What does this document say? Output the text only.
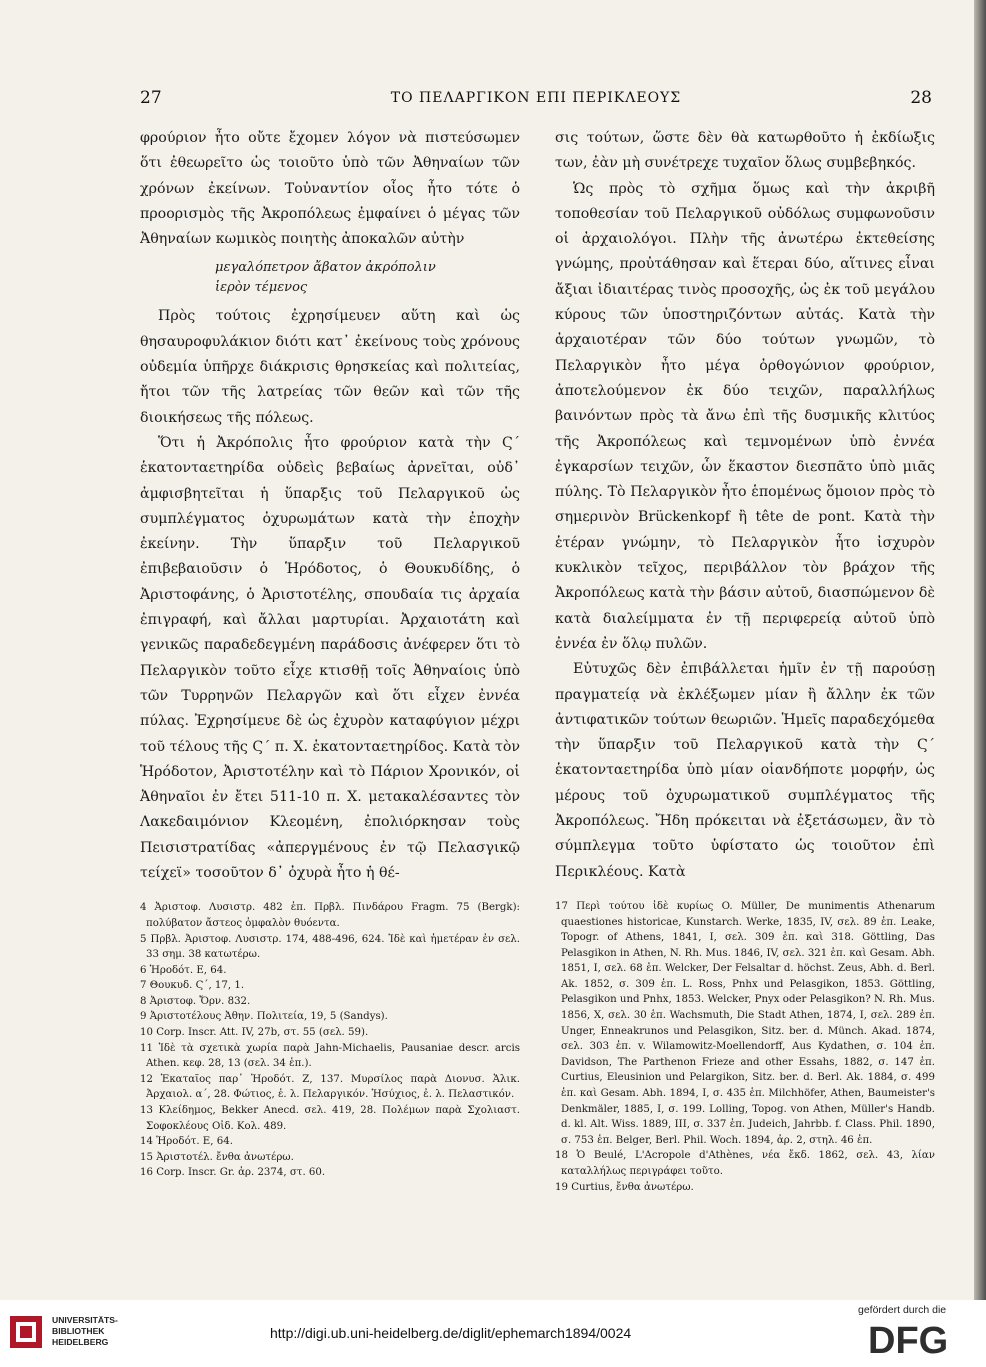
27	ΤΟ ΠΕΛΑΡΓΙΚΟΝ ΕΠΙ ΠΕΡΙΚΛΕΟΥΣ	28

φρούριον ἦτο οὔτε ἔχομεν λόγον νὰ πιστεύσωμεν ὅτι ἐθεωρεῖτο ὡς τοιοῦτο ὑπὸ τῶν Ἀθηναίων τῶν χρόνων ἐκείνων. Τοὐναντίον οἷος ἦτο τότε ὁ προορισμὸς τῆς Ἀκροπόλεως ἐμφαίνει ὁ μέγας τῶν Ἀθηναίων κωμικὸς ποιητὴς ἀποκαλῶν αὐτὴν

μεγαλόπετρον ἄβατον ἀκρόπολιν
ἱερὸν τέμενος

Πρὸς τούτοις ἐχρησίμευεν αὕτη καὶ ὡς θησαυροφυλάκιον διότι κατ᾽ ἐκείνους τοὺς χρόνους οὐδεμία ὑπῆρχε διάκρισις θρησκείας καὶ πολιτείας, ἤτοι τῶν τῆς λατρείας τῶν θεῶν καὶ τῶν τῆς διοικήσεως τῆς πόλεως.

Ὅτι ἡ Ἀκρόπολις ἦτο φρούριον κατὰ τὴν Ϛ´ ἑκατονταετηρίδα οὐδεὶς βεβαίως ἀρνεῖται, οὐδ᾽ ἀμφισβητεῖται ἡ ὕπαρξις τοῦ Πελαργικοῦ ὡς συμπλέγματος ὀχυρωμάτων κατὰ τὴν ἐποχὴν ἐκείνην. Τὴν ὕπαρξιν τοῦ Πελαργικοῦ ἐπιβεβαιοῦσιν ὁ Ἡρόδοτος, ὁ Θουκυδίδης, ὁ Ἀριστοφάνης, ὁ Ἀριστοτέλης, σπουδαία τις ἀρχαία ἐπιγραφή, καὶ ἄλλαι μαρτυρίαι. Ἀρχαιοτάτη καὶ γενικῶς παραδεδεγμένη παράδοσις ἀνέφερεν ὅτι τὸ Πελαργικὸν τοῦτο εἶχε κτισθῇ τοῖς Ἀθηναίοις ὑπὸ τῶν Τυρρηνῶν Πελαργῶν καὶ ὅτι εἶχεν ἐννέα πύλας. Ἐχρησίμευε δὲ ὡς ἐχυρὸν καταφύγιον μέχρι τοῦ τέλους τῆς Ϛ´ π. Χ. ἑκατονταετηρίδος. Κατὰ τὸν Ἡρόδοτον, Ἀριστοτέλην καὶ τὸ Πάριον Χρονικόν, οἱ Ἀθηναῖοι ἐν ἔτει 511-10 π. Χ. μετακαλέσαντες τὸν Λακεδαιμόνιον Κλεομένη, ἐπολιόρκησαν τοὺς Πεισιστρατίδας «ἀπεργμένους ἐν τῷ Πελασγικῷ τείχεϊ» τοσοῦτον δ᾽ ὀχυρὰ ἦτο ἡ θέ-

4 Ἀριστοφ. Λυσιστρ. 482 ἑπ. Πρβλ. Πινδάρου Fragm. 75 (Bergk): πολύβατον ἄστεος ὀμφαλὸν θυόεντα.
5 Πρβλ. Ἀριστοφ. Λυσιστρ. 174, 488-496, 624. Ἰδὲ καὶ ἡμετέραν ἐν σελ. 33 σημ. 38 κατωτέρω.
6 Ἡροδότ. Ε, 64.
7 Θουκυδ. Ϛ´, 17, 1.
8 Ἀριστοφ. Ὄρν. 832.
9 Ἀριστοτέλους Ἀθην. Πολιτεία, 19, 5 (Sandys).
10 Corp. Inscr. Att. IV, 27b, στ. 55 (σελ. 59).
11 Ἰδὲ τὰ σχετικὰ χωρία παρὰ Jahn-Michaelis, Pausaniae descr. arcis Athen. κεφ. 28, 13 (σελ. 34 ἑπ.).
12 Ἑκαταῖος παρ᾽ Ἡροδότ. Ζ, 137. Μυρσίλος παρὰ Διονυσ. Ἁλικ. Ἀρχαιολ. α´, 28. Φώτιος, ἐ. λ. Πελαργικόν. Ἡσύχιος, ἐ. λ. Πελαστικόν.
13 Κλείδημος, Bekker Anecd. σελ. 419, 28. Πολέμων παρὰ Σχολιαστ. Σοφοκλέους Οἰδ. Κολ. 489.
14 Ἡροδότ. Ε, 64.
15 Ἀριστοτέλ. ἔνθα ἀνωτέρω.
16 Corp. Inscr. Gr. ἀρ. 2374, στ. 60.

σις τούτων, ὥστε δὲν θὰ κατωρθοῦτο ἡ ἐκδίωξις των, ἐὰν μὴ συνέτρεχε τυχαῖον ὅλως συμβεβηκός.

Ὡς πρὸς τὸ σχῆμα ὅμως καὶ τὴν ἀκριβῆ τοποθεσίαν τοῦ Πελαργικοῦ οὐδόλως συμφωνοῦσιν οἱ ἀρχαιολόγοι. Πλὴν τῆς ἀνωτέρω ἐκτεθείσης γνώμης, προὐτάθησαν καὶ ἕτεραι δύο, αἵτινες εἶναι ἄξιαι ἰδιαιτέρας τινὸς προσοχῆς, ὡς ἐκ τοῦ μεγάλου κύρους τῶν ὑποστηριζόντων αὐτάς. Κατὰ τὴν ἀρχαιοτέραν τῶν δύο τούτων γνωμῶν, τὸ Πελαργικὸν ἦτο μέγα ὀρθογώνιον φρούριον, ἀποτελούμενον ἐκ δύο τειχῶν, παραλλήλως βαινόντων πρὸς τὰ ἄνω ἐπὶ τῆς δυσμικῆς κλιτύος τῆς Ἀκροπόλεως καὶ τεμνομένων ὑπὸ ἐννέα ἐγκαρσίων τειχῶν, ὧν ἕκαστον διεσπᾶτο ὑπὸ μιᾶς πύλης. Τὸ Πελαργικὸν ἦτο ἑπομένως ὅμοιον πρὸς τὸ σημερινὸν Brückenkopf ἢ tête de pont. Κατὰ τὴν ἑτέραν γνώμην, τὸ Πελαργικὸν ἦτο ἰσχυρὸν κυκλικὸν τεῖχος, περιβάλλον τὸν βράχον τῆς Ἀκροπόλεως κατὰ τὴν βάσιν αὐτοῦ, διασπώμενον δὲ κατὰ διαλείμματα ἐν τῇ περιφερείᾳ αὐτοῦ ὑπὸ ἐννέα ἐν ὅλῳ πυλῶν.

Εὐτυχῶς δὲν ἐπιβάλλεται ἡμῖν ἐν τῇ παρούσῃ πραγματείᾳ νὰ ἐκλέξωμεν μίαν ἢ ἄλλην ἐκ τῶν ἀντιφατικῶν τούτων θεωριῶν. Ἡμεῖς παραδεχόμεθα τὴν ὕπαρξιν τοῦ Πελαργικοῦ κατὰ τὴν Ϛ´ ἑκατονταετηρίδα ὑπὸ μίαν οἱανδήποτε μορφήν, ὡς μέρους τοῦ ὀχυρωματικοῦ συμπλέγματος τῆς Ἀκροπόλεως. Ἤδη πρόκειται νὰ ἐξετάσωμεν, ἂν τὸ σύμπλεγμα τοῦτο ὑφίστατο ὡς τοιοῦτον ἐπὶ Περικλέους. Κατὰ

17 Περὶ τούτου ἰδὲ κυρίως O. Müller, De munimentis Athenarum quaestiones historicae, Kunstarch. Werke, 1835, IV, σελ. 89 ἑπ. Leake, Topogr. of Athens, 1841, I, σελ. 309 ἑπ. καὶ 318. Göttling, Das Pelasgikon in Athen, N. Rh. Mus. 1846, IV, σελ. 321 ἑπ. καὶ Gesam. Abh. 1851, I, σελ. 68 ἑπ. Welcker, Der Felsaltar d. höchst. Zeus, Abh. d. Berl. Ak. 1852, σ. 309 ἑπ. L. Ross, Pnhx und Pelasgikon, 1853. Göttling, Pelasgikon und Pnhx, 1853. Welcker, Pnyx oder Pelasgikon? N. Rh. Mus. 1856, X, σελ. 30 ἑπ. Wachsmuth, Die Stadt Athen, 1874, I, σελ. 289 ἑπ. Unger, Enneakrunos und Pelasgikon, Sitz. ber. d. Münch. Akad. 1874, σελ. 303 ἑπ. v. Wilamowitz-Moellendorff, Aus Kydathen, σ. 104 ἑπ. Davidson, The Parthenon Frieze and other Essahs, 1882, σ. 147 ἑπ. Curtius, Eleusinion und Pelargikon, Sitz. ber. d. Berl. Ak. 1884, σ. 499 ἑπ. καὶ Gesam. Abh. 1894, I, σ. 435 ἑπ. Milchhöfer, Athen, Baumeister's Denkmäler, 1885, I, σ. 199. Lolling, Topog. von Athen, Müller's Handb. d. kl. Alt. Wiss. 1889, III, σ. 337 ἑπ. Judeich, Jahrbb. f. Class. Phil. 1890, σ. 753 ἑπ. Belger, Berl. Phil. Woch. 1894, ἀρ. 2, στηλ. 46 ἑπ.
18 Ὁ Beulé, L'Acropole d'Athènes, νέα ἔκδ. 1862, σελ. 43, λίαν καταλλήλως περιγράφει τοῦτο.
19 Curtius, ἔνθα ἀνωτέρω.
UNIVERSITÄTS-
BIBLIOTHEK
HEIDELBERG
http://digi.ub.uni-heidelberg.de/diglit/ephemarch1894/0024
gefördert durch die
DFG
